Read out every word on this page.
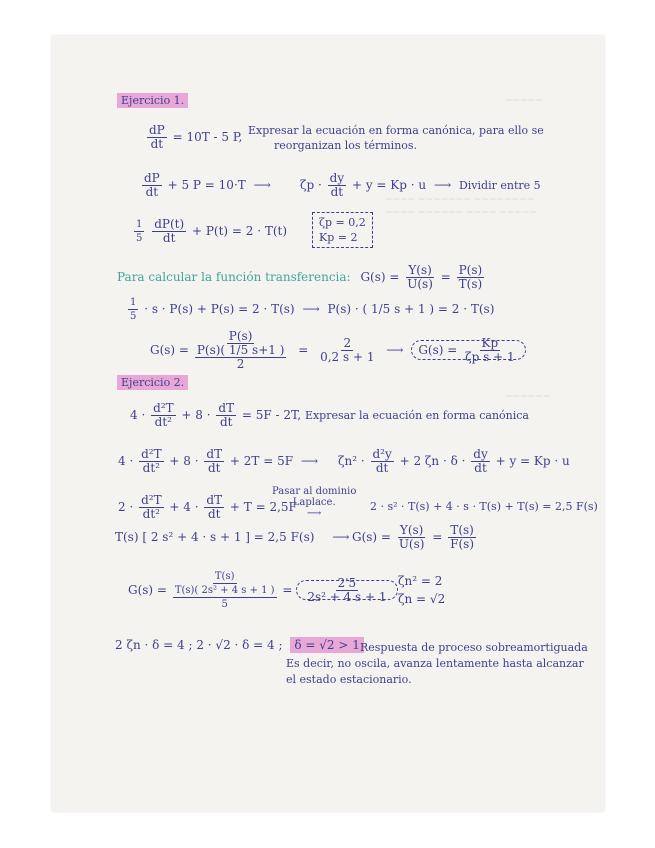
~~~~~
~~~~ ~~~~~~~ ~~~~~~~~
~~~~ ~~~~~~ ~~~~ ~~~~~
~~~~~~
Ejercicio 1.
$\frac{dP}{dt} = 10T - 5$ P, Expresar la ecuación en forma canónica, para ello se
reorganizan los términos.
$\frac{dP}{dt} + 5$ P = 10·T ⟶	$\zeta p \cdot \frac{dy}{dt} + y = Kp \cdot u$ ⟶ Dividir entre 5
$\frac{1}{5}$
$\frac{dP(t)}{dt} + P(t) = 2 \cdot T(t)$
ζp = 0,2
Kp = 2
Para calcular la función transferencia: $G(s) = \frac{Y(s)}{U(s)} = \frac{P(s)}{T(s)}$
$\frac{1}{5} \cdot s \cdot P(s) + P(s) = 2 \cdot T(s)$ ⟶ P(s) · ( 1/5 s + 1 ) = 2 · T(s)
G(s) =
P(s)
P(s)( 1/5 s+1 )
2
= $\frac{2}{0,2 s + 1}$ ⟶ $G(s) = \frac{Kp}{\text{ζp s + 1}}$
Ejercicio 2.
$4 \cdot \frac{\text{d²T}}{\text{dt²}} + 8 \cdot \frac{dT}{dt} = 5F - 2T$, Expresar la ecuación en forma canónica
$4 \cdot \frac{\text{d²T}}{\text{dt²}} + 8 \cdot \frac{dT}{dt} + 2T = 5F$ ⟶	$\zeta n^2 \cdot \frac{\text{d²y}}{dt} + 2$ $\zeta n \cdot \delta \cdot \frac{dy}{dt} + y = Kp \cdot u$
$2 \cdot \frac{\text{d²T}}{\text{dt²}} + 4 \cdot \frac{dT}{dt} + T = 2,5F$
Pasar al dominio
Laplace.
⟶
2 · s² · T(s) + 4 · s · T(s) + T(s) = 2,5 F(s)
T(s) [ 2 s² + 4 · s + 1 ] = 2,5 F(s) ⟶ $G(s) = \frac{Y(s)}{U(s)} = \frac{T(s)}{F(s)}$
G(s) =
T(s)
T(s)( 2s² + 4 s + 1 )
5
= $\frac{2'5}{\text{2s² + 4 s + 1}} \zeta n^2 = 2$
ζn = √2
2 ζn · δ = 4 ; 2 · √2 · δ = 4 ; δ = √2 > 1 Respuesta de proceso sobreamortiguada
Es decir, no oscila, avanza lentamente hasta alcanzar
el estado estacionario.
